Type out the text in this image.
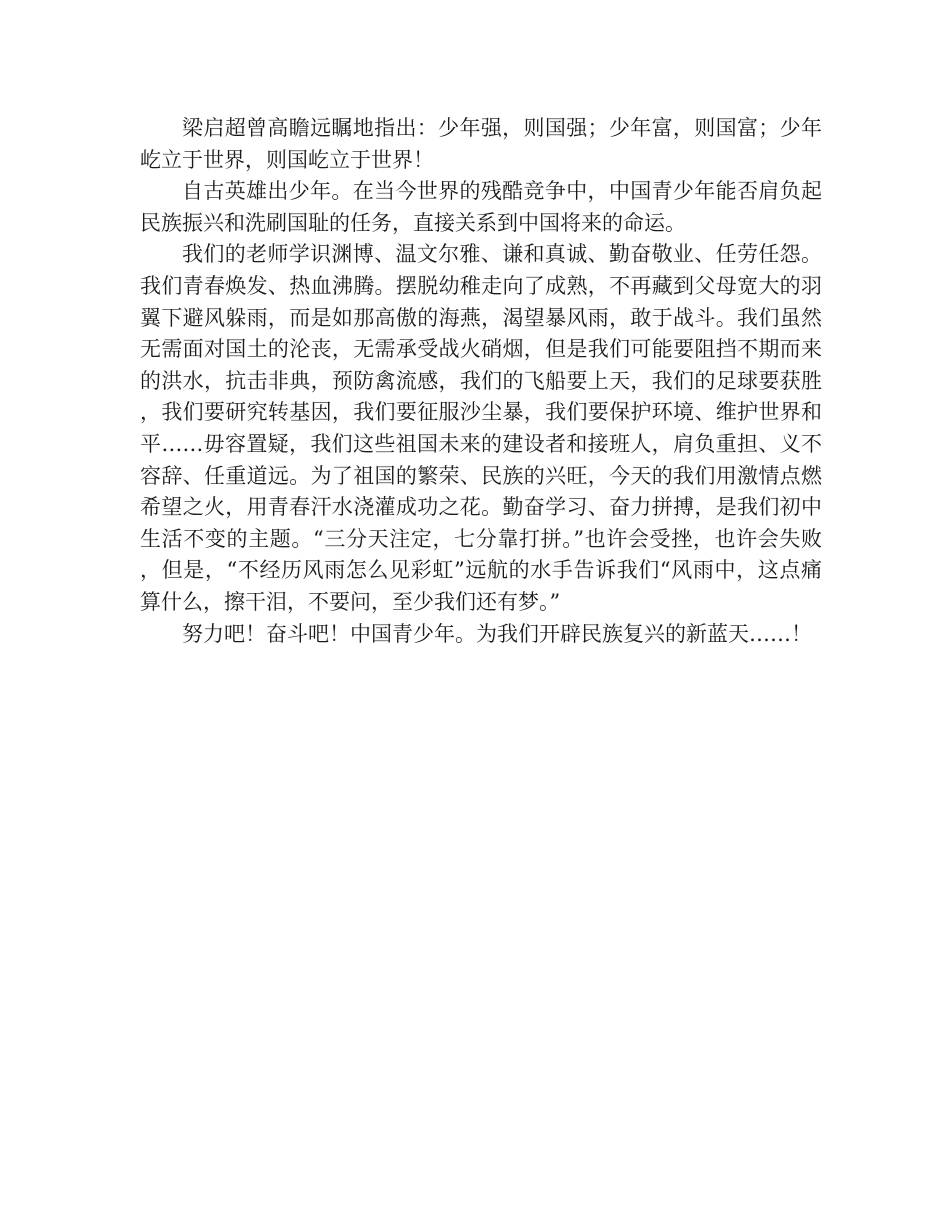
梁启超曾高瞻远瞩地指出：少年强，则国强；少年富，则国富；少年屹立于世界，则国屹立于世界！

自古英雄出少年。在当今世界的残酷竞争中，中国青少年能否肩负起民族振兴和洗刷国耻的任务，直接关系到中国将来的命运。

我们的老师学识渊博、温文尔雅、谦和真诚、勤奋敬业、任劳任怨。 我们青春焕发、热血沸腾。摆脱幼稚走向了成熟，不再藏到父母宽大的羽翼下避风躲雨，而是如那高傲的海燕，渴望暴风雨，敢于战斗。我们虽然无需面对国土的沦丧，无需承受战火硝烟，但是我们可能要阻挡不期而来的洪水，抗击非典，预防禽流感，我们的飞船要上天，我们的足球要获胜，我们要研究转基因，我们要征服沙尘暴，我们要保护环境、维护世界和平……毋容置疑，我们这些祖国未来的建设者和接班人，肩负重担、义不容辞、任重道远。为了祖国的繁荣、民族的兴旺，今天的我们用激情点燃希望之火，用青春汗水浇灌成功之花。勤奋学习、奋力拼搏，是我们初中生活不变的主题。“三分天注定，七分靠打拼。”也许会受挫，也许会失败，但是，“不经历风雨怎么见彩虹”远航的水手告诉我们“风雨中，这点痛算什么，擦干泪，不要问，至少我们还有梦。”

努力吧！奋斗吧！中国青少年。为我们开辟民族复兴的新蓝天……！
